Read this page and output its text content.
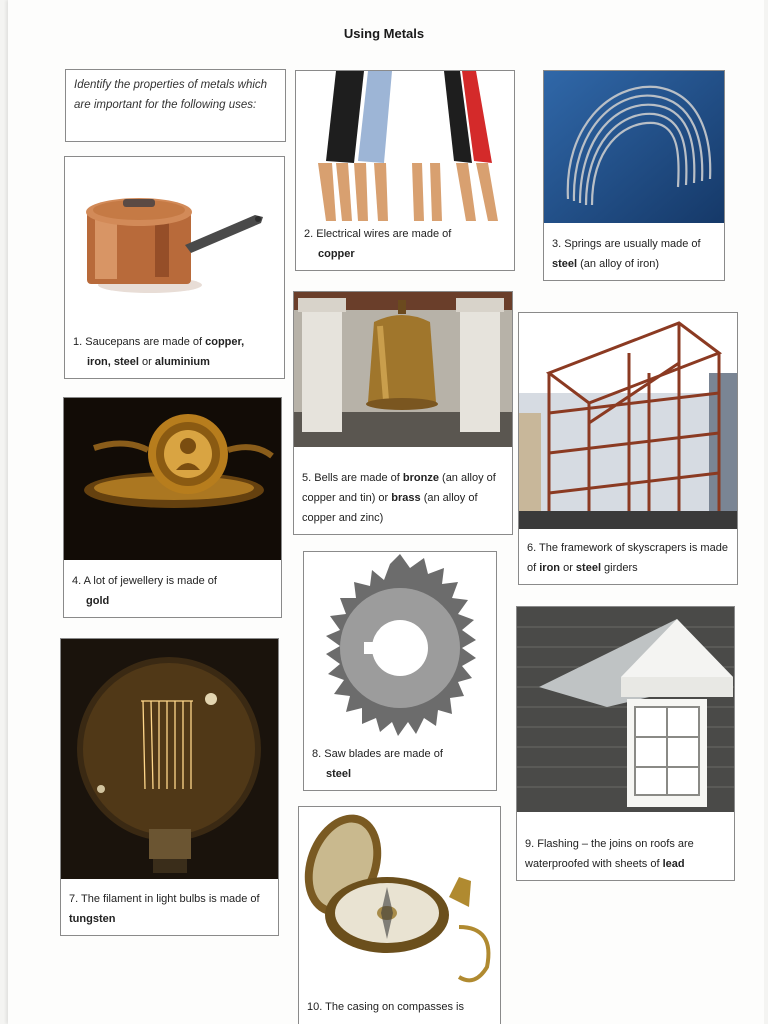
Using Metals
Identify the properties of metals which are important for the following uses:
1. Saucepans are made of copper,
iron, steel or aluminium
2. Electrical wires are made of
copper
3. Springs are usually made of steel (an alloy of iron)
4. A lot of jewellery is made of
gold
5. Bells are made of bronze (an alloy of copper and tin) or brass (an alloy of copper and zinc)
6. The framework of skyscrapers is made of iron or steel girders
7. The filament in light bulbs is made of tungsten
8. Saw blades are made of
steel
9. Flashing – the joins on roofs are waterproofed with sheets of lead
10. The casing on compasses is
